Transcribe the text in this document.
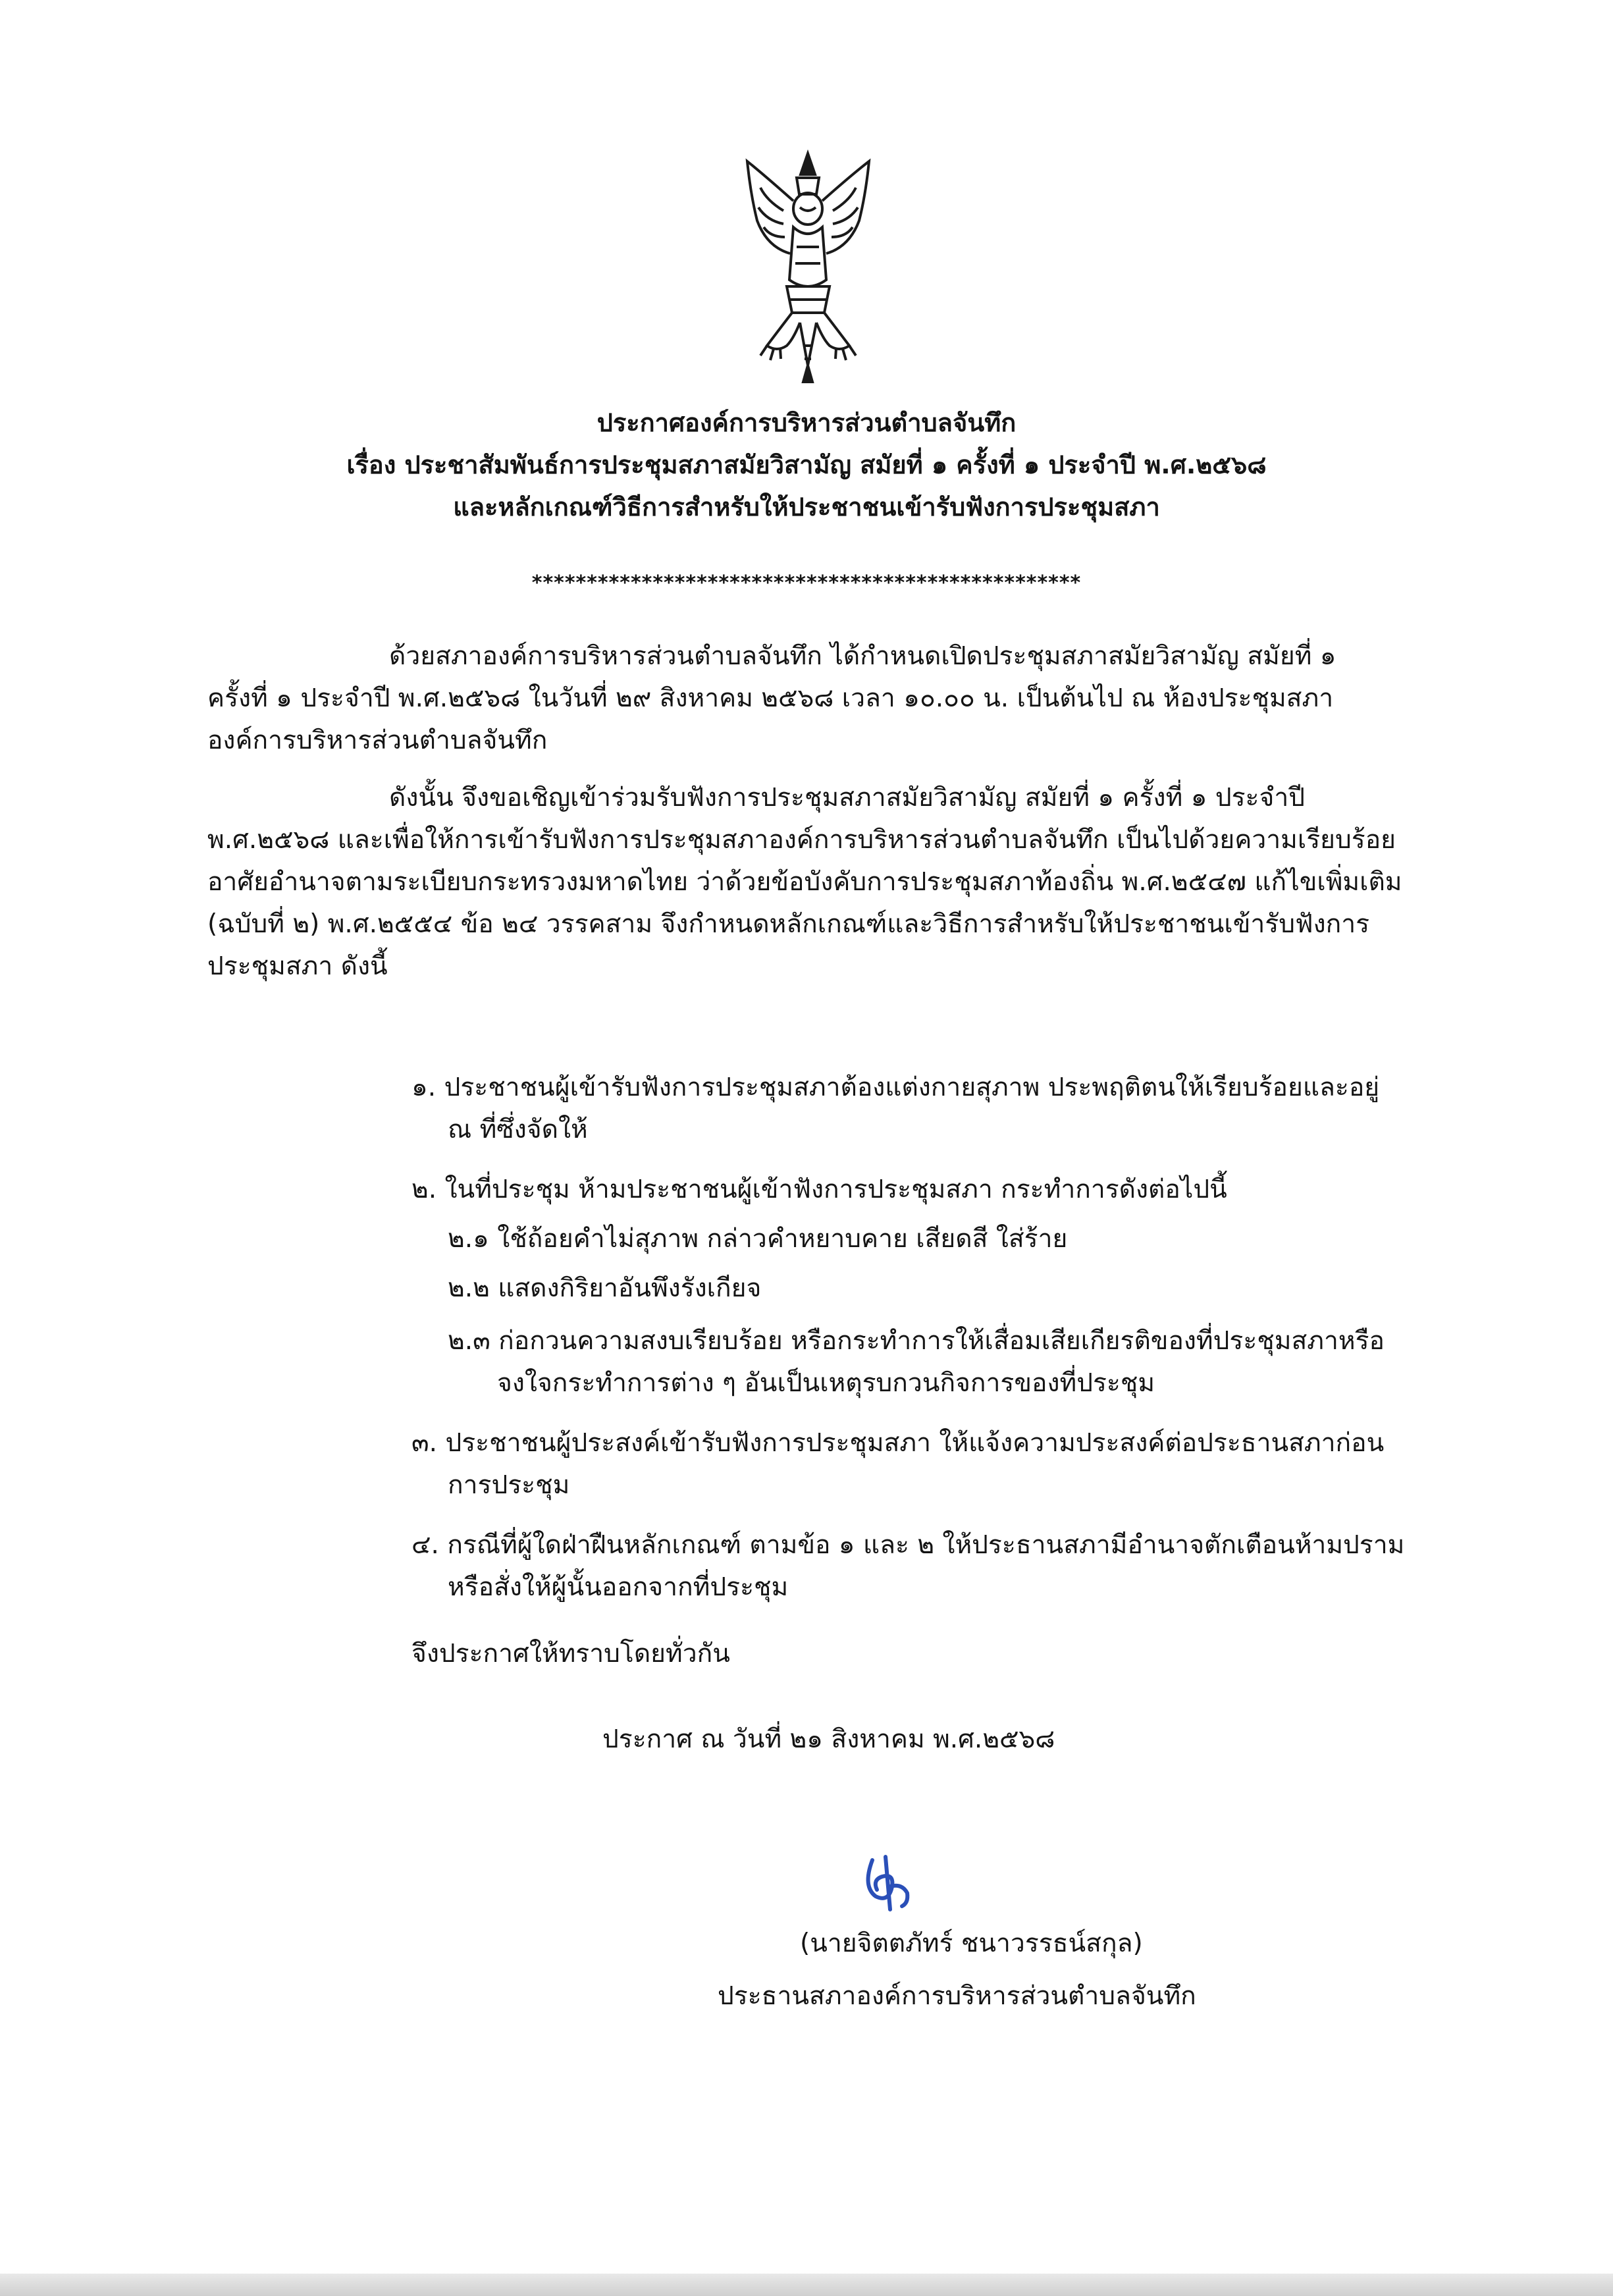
ประกาศองค์การบริหารส่วนตำบลจันทึก
เรื่อง ประชาสัมพันธ์การประชุมสภาสมัยวิสามัญ สมัยที่ ๑ ครั้งที่ ๑ ประจำปี พ.ศ.๒๕๖๘
และหลักเกณฑ์วิธีการสำหรับให้ประชาชนเข้ารับฟังการประชุมสภา
**************************************************
ด้วยสภาองค์การบริหารส่วนตำบลจันทึก ได้กำหนดเปิดประชุมสภาสมัยวิสามัญ สมัยที่ ๑
ครั้งที่ ๑ ประจำปี พ.ศ.๒๕๖๘ ในวันที่ ๒๙ สิงหาคม ๒๕๖๘ เวลา ๑๐.๐๐ น. เป็นต้นไป ณ ห้องประชุมสภา
องค์การบริหารส่วนตำบลจันทึก
ดังนั้น จึงขอเชิญเข้าร่วมรับฟังการประชุมสภาสมัยวิสามัญ สมัยที่ ๑ ครั้งที่ ๑ ประจำปี
พ.ศ.๒๕๖๘ และเพื่อให้การเข้ารับฟังการประชุมสภาองค์การบริหารส่วนตำบลจันทึก เป็นไปด้วยความเรียบร้อย
อาศัยอำนาจตามระเบียบกระทรวงมหาดไทย ว่าด้วยข้อบังคับการประชุมสภาท้องถิ่น พ.ศ.๒๕๔๗ แก้ไขเพิ่มเติม
(ฉบับที่ ๒) พ.ศ.๒๕๕๔ ข้อ ๒๔ วรรคสาม จึงกำหนดหลักเกณฑ์และวิธีการสำหรับให้ประชาชนเข้ารับฟังการ
ประชุมสภา ดังนี้
๑. ประชาชนผู้เข้ารับฟังการประชุมสภาต้องแต่งกายสุภาพ ประพฤติตนให้เรียบร้อยและอยู่
ณ ที่ซึ่งจัดให้
๒. ในที่ประชุม ห้ามประชาชนผู้เข้าฟังการประชุมสภา กระทำการดังต่อไปนี้
๒.๑ ใช้ถ้อยคำไม่สุภาพ กล่าวคำหยาบคาย เสียดสี ใส่ร้าย
๒.๒ แสดงกิริยาอันพึงรังเกียจ
๒.๓ ก่อกวนความสงบเรียบร้อย หรือกระทำการให้เสื่อมเสียเกียรติของที่ประชุมสภาหรือ
จงใจกระทำการต่าง ๆ อันเป็นเหตุรบกวนกิจการของที่ประชุม
๓. ประชาชนผู้ประสงค์เข้ารับฟังการประชุมสภา ให้แจ้งความประสงค์ต่อประธานสภาก่อน
การประชุม
๔. กรณีที่ผู้ใดฝ่าฝืนหลักเกณฑ์ ตามข้อ ๑ และ ๒ ให้ประธานสภามีอำนาจตักเตือนห้ามปราม
หรือสั่งให้ผู้นั้นออกจากที่ประชุม
จึงประกาศให้ทราบโดยทั่วกัน
ประกาศ ณ วันที่ ๒๑ สิงหาคม พ.ศ.๒๕๖๘
(นายจิตตภัทร์ ชนาวรรธน์สกุล)
ประธานสภาองค์การบริหารส่วนตำบลจันทึก
